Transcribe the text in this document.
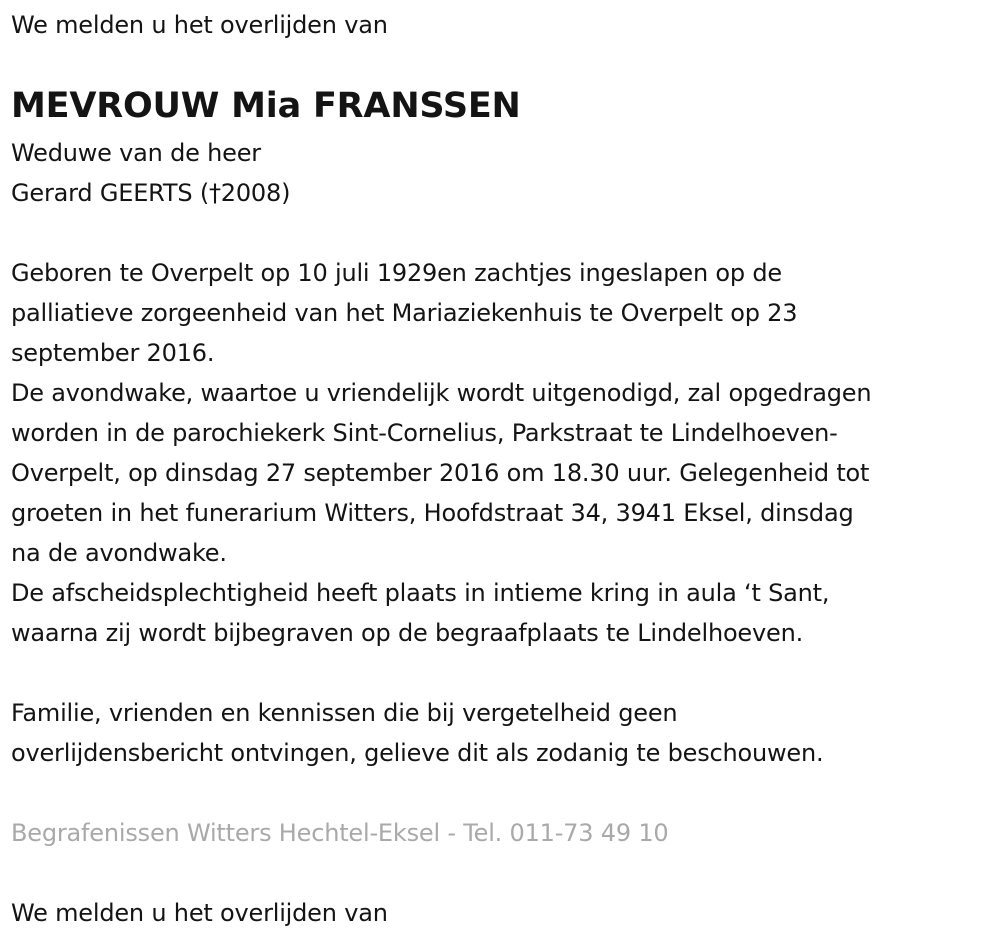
We melden u het overlijden van
MEVROUW Mia FRANSSEN
Weduwe van de heer
Gerard GEERTS (†2008)
Geboren te Overpelt op 10 juli 1929en zachtjes ingeslapen op de
palliatieve zorgeenheid van het Mariaziekenhuis te Overpelt op 23
september 2016.
De avondwake, waartoe u vriendelijk wordt uitgenodigd, zal opgedragen
worden in de parochiekerk Sint-Cornelius, Parkstraat te Lindelhoeven-
Overpelt, op dinsdag 27 september 2016 om 18.30 uur. Gelegenheid tot
groeten in het funerarium Witters, Hoofdstraat 34, 3941 Eksel, dinsdag
na de avondwake.
De afscheidsplechtigheid heeft plaats in intieme kring in aula ‘t Sant,
waarna zij wordt bijbegraven op de begraafplaats te Lindelhoeven.
Familie, vrienden en kennissen die bij vergetelheid geen
overlijdensbericht ontvingen, gelieve dit als zodanig te beschouwen.
Begrafenissen Witters Hechtel-Eksel - Tel. 011-73 49 10
We melden u het overlijden van
